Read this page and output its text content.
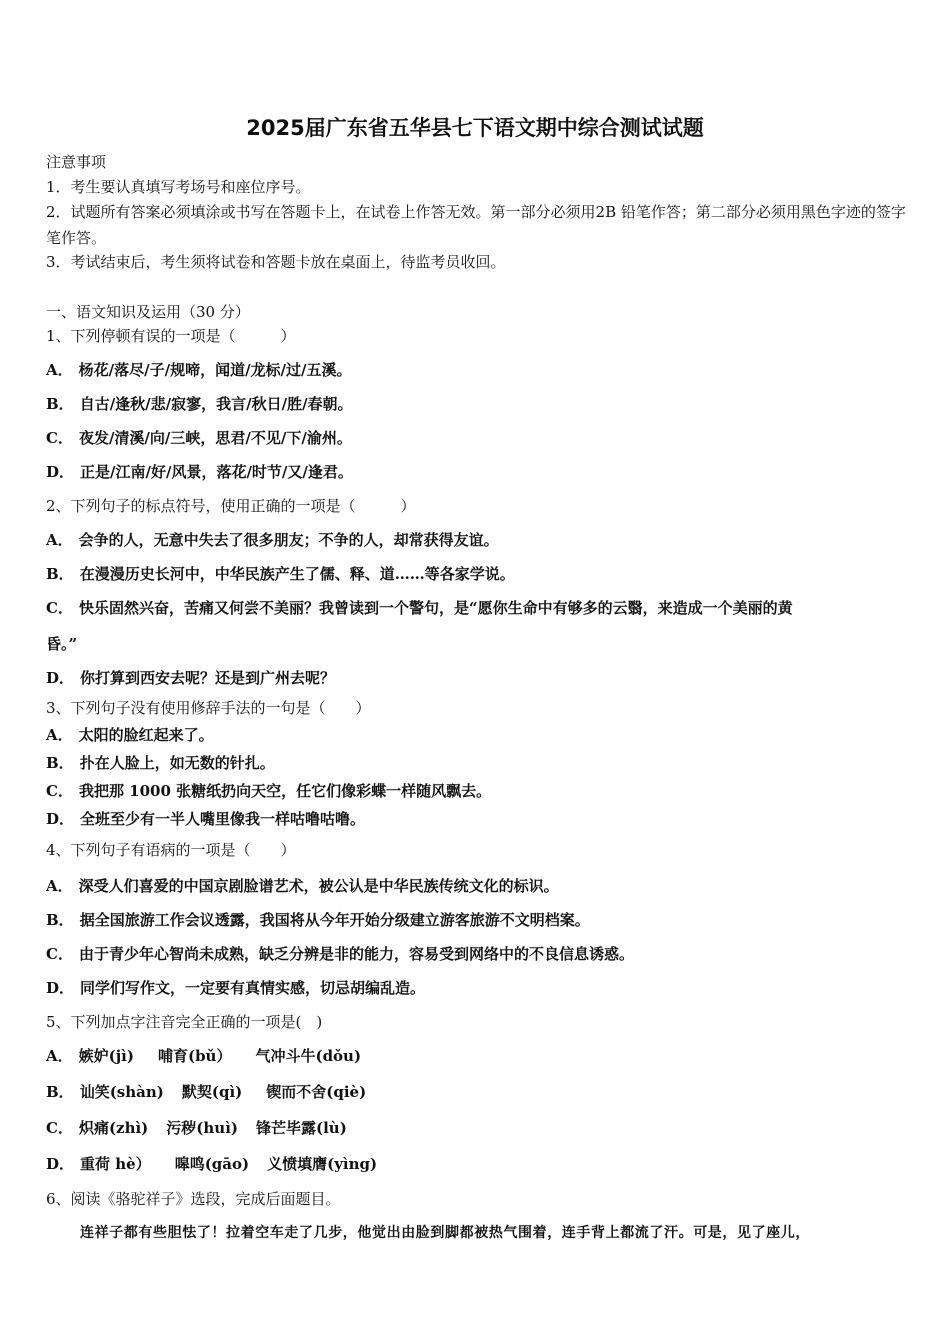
2025届广东省五华县七下语文期中综合测试试题
注意事项
1．考生要认真填写考场号和座位序号。
2．试题所有答案必须填涂或书写在答题卡上，在试卷上作答无效。第一部分必须用2B 铅笔作答；第二部分必须用黑色字迹的签字笔作答。
3．考试结束后，考生须将试卷和答题卡放在桌面上，待监考员收回。
一、语文知识及运用（30 分）
1、下列停顿有误的一项是（　　　）
A． 杨花/落尽/子/规啼，闻道/龙标/过/五溪。
B． 自古/逢秋/悲/寂寥，我言/秋日/胜/春朝。
C． 夜发/清溪/向/三峡，思君/不见/下/渝州。
D． 正是/江南/好/风景，落花/时节/又/逢君。
2、下列句子的标点符号，使用正确的一项是（　　　）
A． 会争的人，无意中失去了很多朋友；不争的人，却常获得友谊。
B． 在漫漫历史长河中，中华民族产生了儒、释、道……等各家学说。
C． 快乐固然兴奋，苦痛又何尝不美丽？我曾读到一个警句，是“愿你生命中有够多的云翳，来造成一个美丽的黄
昏。”
D． 你打算到西安去呢？还是到广州去呢？
3、下列句子没有使用修辞手法的一句是（　　）
A． 太阳的脸红起来了。
B． 扑在人脸上，如无数的针扎。
C． 我把那 1000 张糖纸扔向天空，任它们像彩蝶一样随风飘去。
D． 全班至少有一半人嘴里像我一样咕噜咕噜。
4、下列句子有语病的一项是（　　）
A． 深受人们喜爱的中国京剧脸谱艺术，被公认是中华民族传统文化的标识。
B． 据全国旅游工作会议透露，我国将从今年开始分级建立游客旅游不文明档案。
C． 由于青少年心智尚未成熟，缺乏分辨是非的能力，容易受到网络中的不良信息诱惑。
D． 同学们写作文，一定要有真情实感，切忌胡编乱造。
5、下列加点字注音完全正确的一项是(　)
A． 嫉妒(jì) 哺育(bǔ） 气冲斗牛(dǒu)
B． 讪笑(shàn) 默契(qì) 锲而不舍(qiè)
C． 炽痛(zhì) 污秽(huì) 锋芒毕露(lù)
D． 重荷 hè） 嗥鸣(gāo) 义愤填膺(yìng)
6、阅读《骆驼祥子》选段，完成后面题目。
连祥子都有些胆怯了！拉着空车走了几步，他觉出由脸到脚都被热气围着，连手背上都流了汗。可是，见了座儿，
